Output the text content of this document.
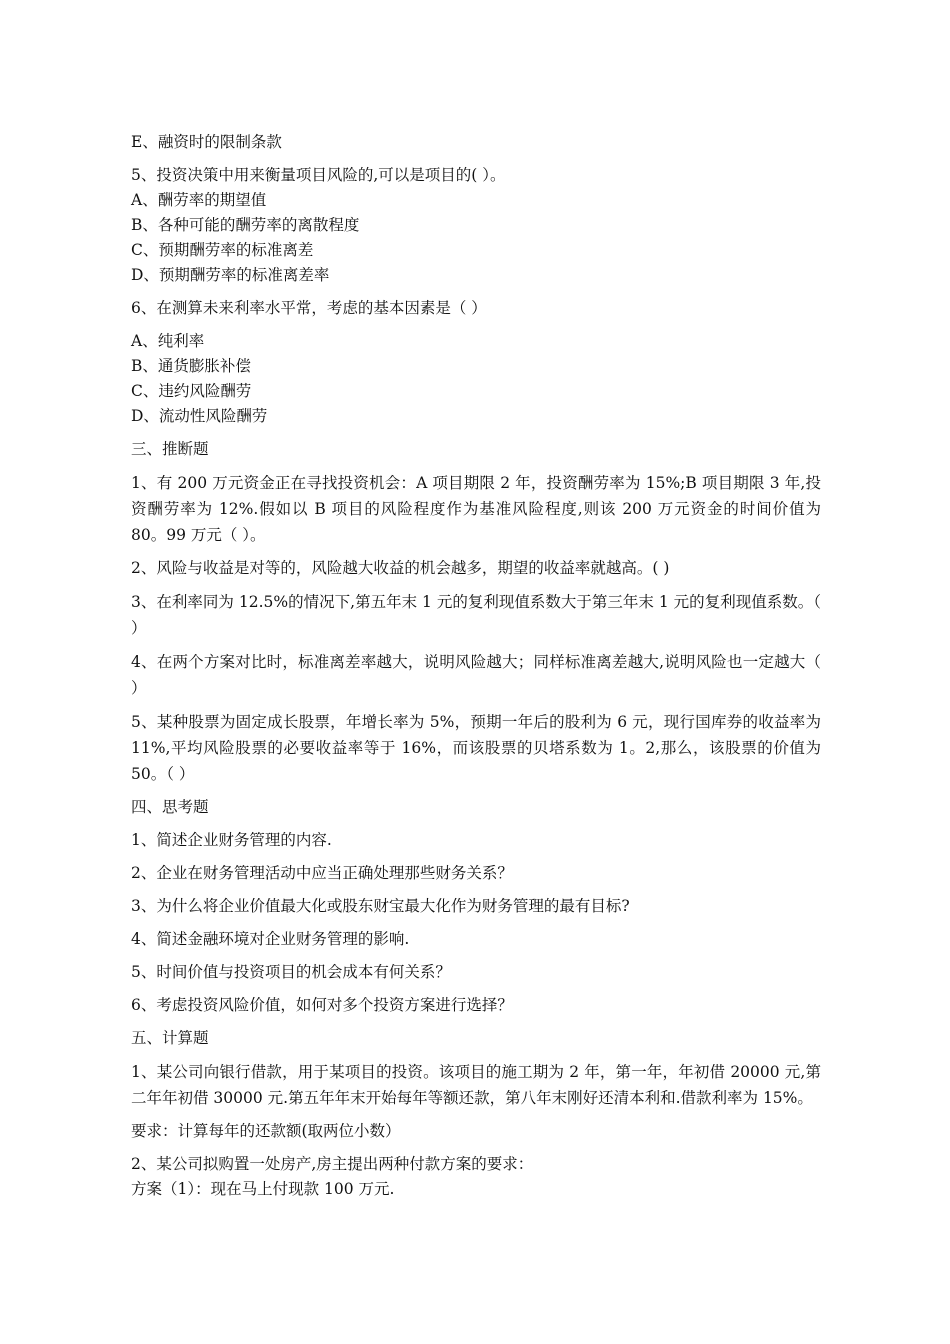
E、融资时的限制条款

5、投资决策中用来衡量项目风险的,可以是项目的( ）。

A、酬劳率的期望值

B、各种可能的酬劳率的离散程度

C、预期酬劳率的标准离差

D、预期酬劳率的标准离差率

6、在测算未来利率水平常，考虑的基本因素是（ ）

A、纯利率

B、通货膨胀补偿

C、违约风险酬劳

D、流动性风险酬劳

三、推断题

1、有 200 万元资金正在寻找投资机会：A 项目期限 2 年，投资酬劳率为 15%;B 项目期限 3 年,投资酬劳率为 12%.假如以 B 项目的风险程度作为基准风险程度,则该 200 万元资金的时间价值为 80。99 万元（ ）。

2、风险与收益是对等的，风险越大收益的机会越多，期望的收益率就越高。( )

3、在利率同为 12.5%的情况下,第五年末 1 元的复利现值系数大于第三年末 1 元的复利现值系数。（ ）

4、在两个方案对比时，标准离差率越大，说明风险越大；同样标准离差越大,说明风险也一定越大（ ）

5、某种股票为固定成长股票，年增长率为 5%，预期一年后的股利为 6 元，现行国库券的收益率为 11%,平均风险股票的必要收益率等于 16%，而该股票的贝塔系数为 1。2,那么，该股票的价值为 50。（ ）

四、思考题

1、简述企业财务管理的内容.

2、企业在财务管理活动中应当正确处理那些财务关系？

3、为什么将企业价值最大化或股东财宝最大化作为财务管理的最有目标?

4、简述金融环境对企业财务管理的影响.

5、时间价值与投资项目的机会成本有何关系？

6、考虑投资风险价值，如何对多个投资方案进行选择？

五、计算题

1、某公司向银行借款，用于某项目的投资。该项目的施工期为 2 年，第一年，年初借 20000 元,第二年年初借 30000 元.第五年年末开始每年等额还款，第八年末刚好还清本利和.借款利率为 15%。

要求：计算每年的还款额(取两位小数）

2、某公司拟购置一处房产,房主提出两种付款方案的要求：

方案（1）：现在马上付现款 100 万元.
